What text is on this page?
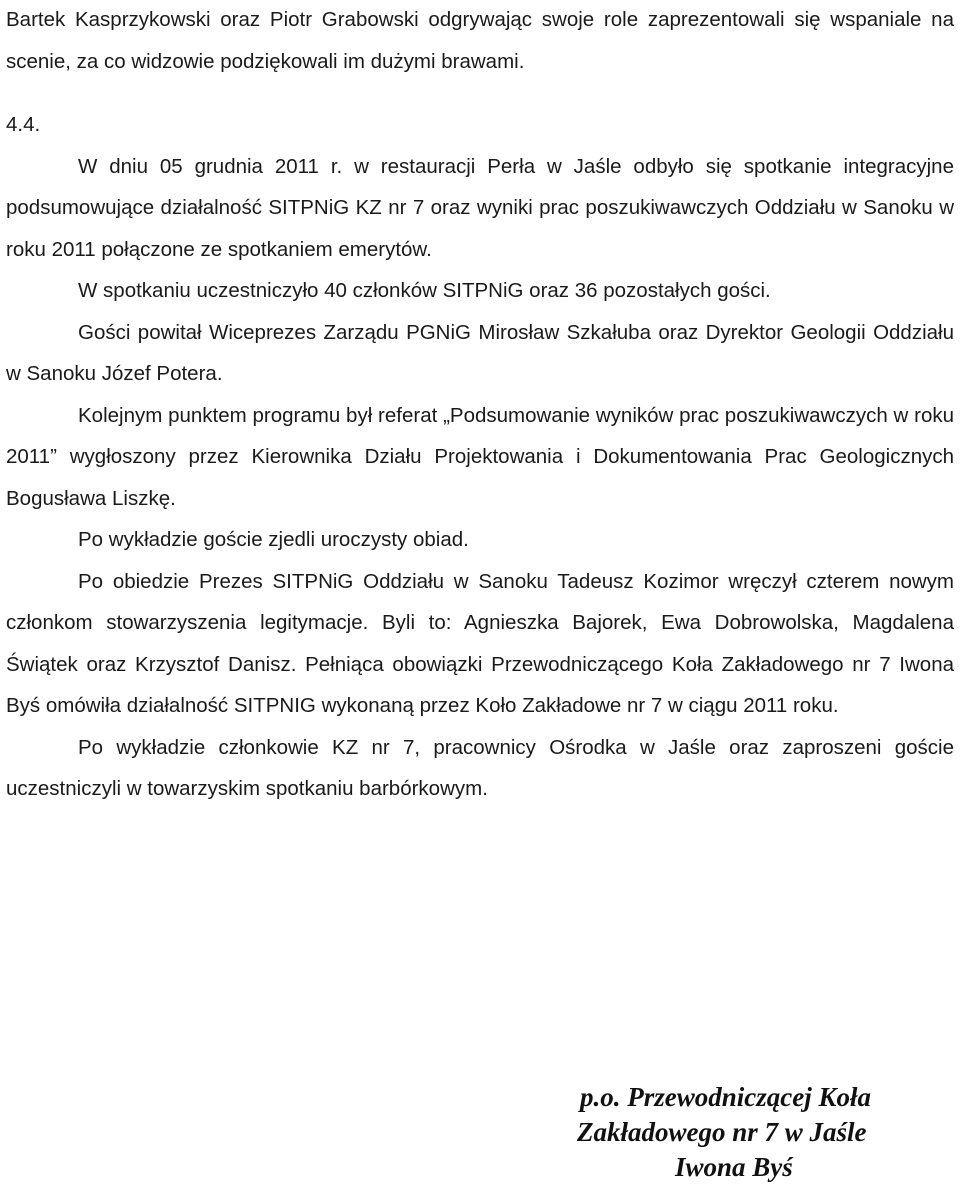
Bartek Kasprzykowski oraz Piotr Grabowski odgrywając swoje role zaprezentowali się wspaniale na scenie, za co widzowie podziękowali im dużymi brawami.

4.4.

W dniu 05 grudnia 2011 r. w restauracji Perła w Jaśle odbyło się spotkanie integracyjne podsumowujące działalność SITPNiG KZ nr 7 oraz wyniki prac poszukiwawczych Oddziału w Sanoku w roku 2011 połączone ze spotkaniem emerytów.

W spotkaniu uczestniczyło 40 członków SITPNiG oraz 36 pozostałych gości.

Gości powitał Wiceprezes Zarządu PGNiG Mirosław Szkałuba oraz Dyrektor Geologii Oddziału w Sanoku Józef Potera.

Kolejnym punktem programu był referat „Podsumowanie wyników prac poszukiwawczych w roku 2011” wygłoszony przez Kierownika Działu Projektowania i Dokumentowania Prac Geologicznych Bogusława Liszkę.

Po wykładzie goście zjedli uroczysty obiad.

Po obiedzie Prezes SITPNiG Oddziału w Sanoku Tadeusz Kozimor wręczył czterem nowym członkom stowarzyszenia legitymacje. Byli to: Agnieszka Bajorek, Ewa Dobrowolska, Magdalena Świątek oraz Krzysztof Danisz. Pełniąca obowiązki Przewodniczącego Koła Zakładowego nr 7 Iwona Byś omówiła działalność SITPNIG wykonaną przez Koło Zakładowe nr 7 w ciągu 2011 roku.

Po wykładzie członkowie KZ nr 7, pracownicy Ośrodka w Jaśle oraz zaproszeni goście uczestniczyli w towarzyskim spotkaniu barbórkowym.

p.o. Przewodniczącej Koła
Zakładowego nr 7 w Jaśle
Iwona Byś
